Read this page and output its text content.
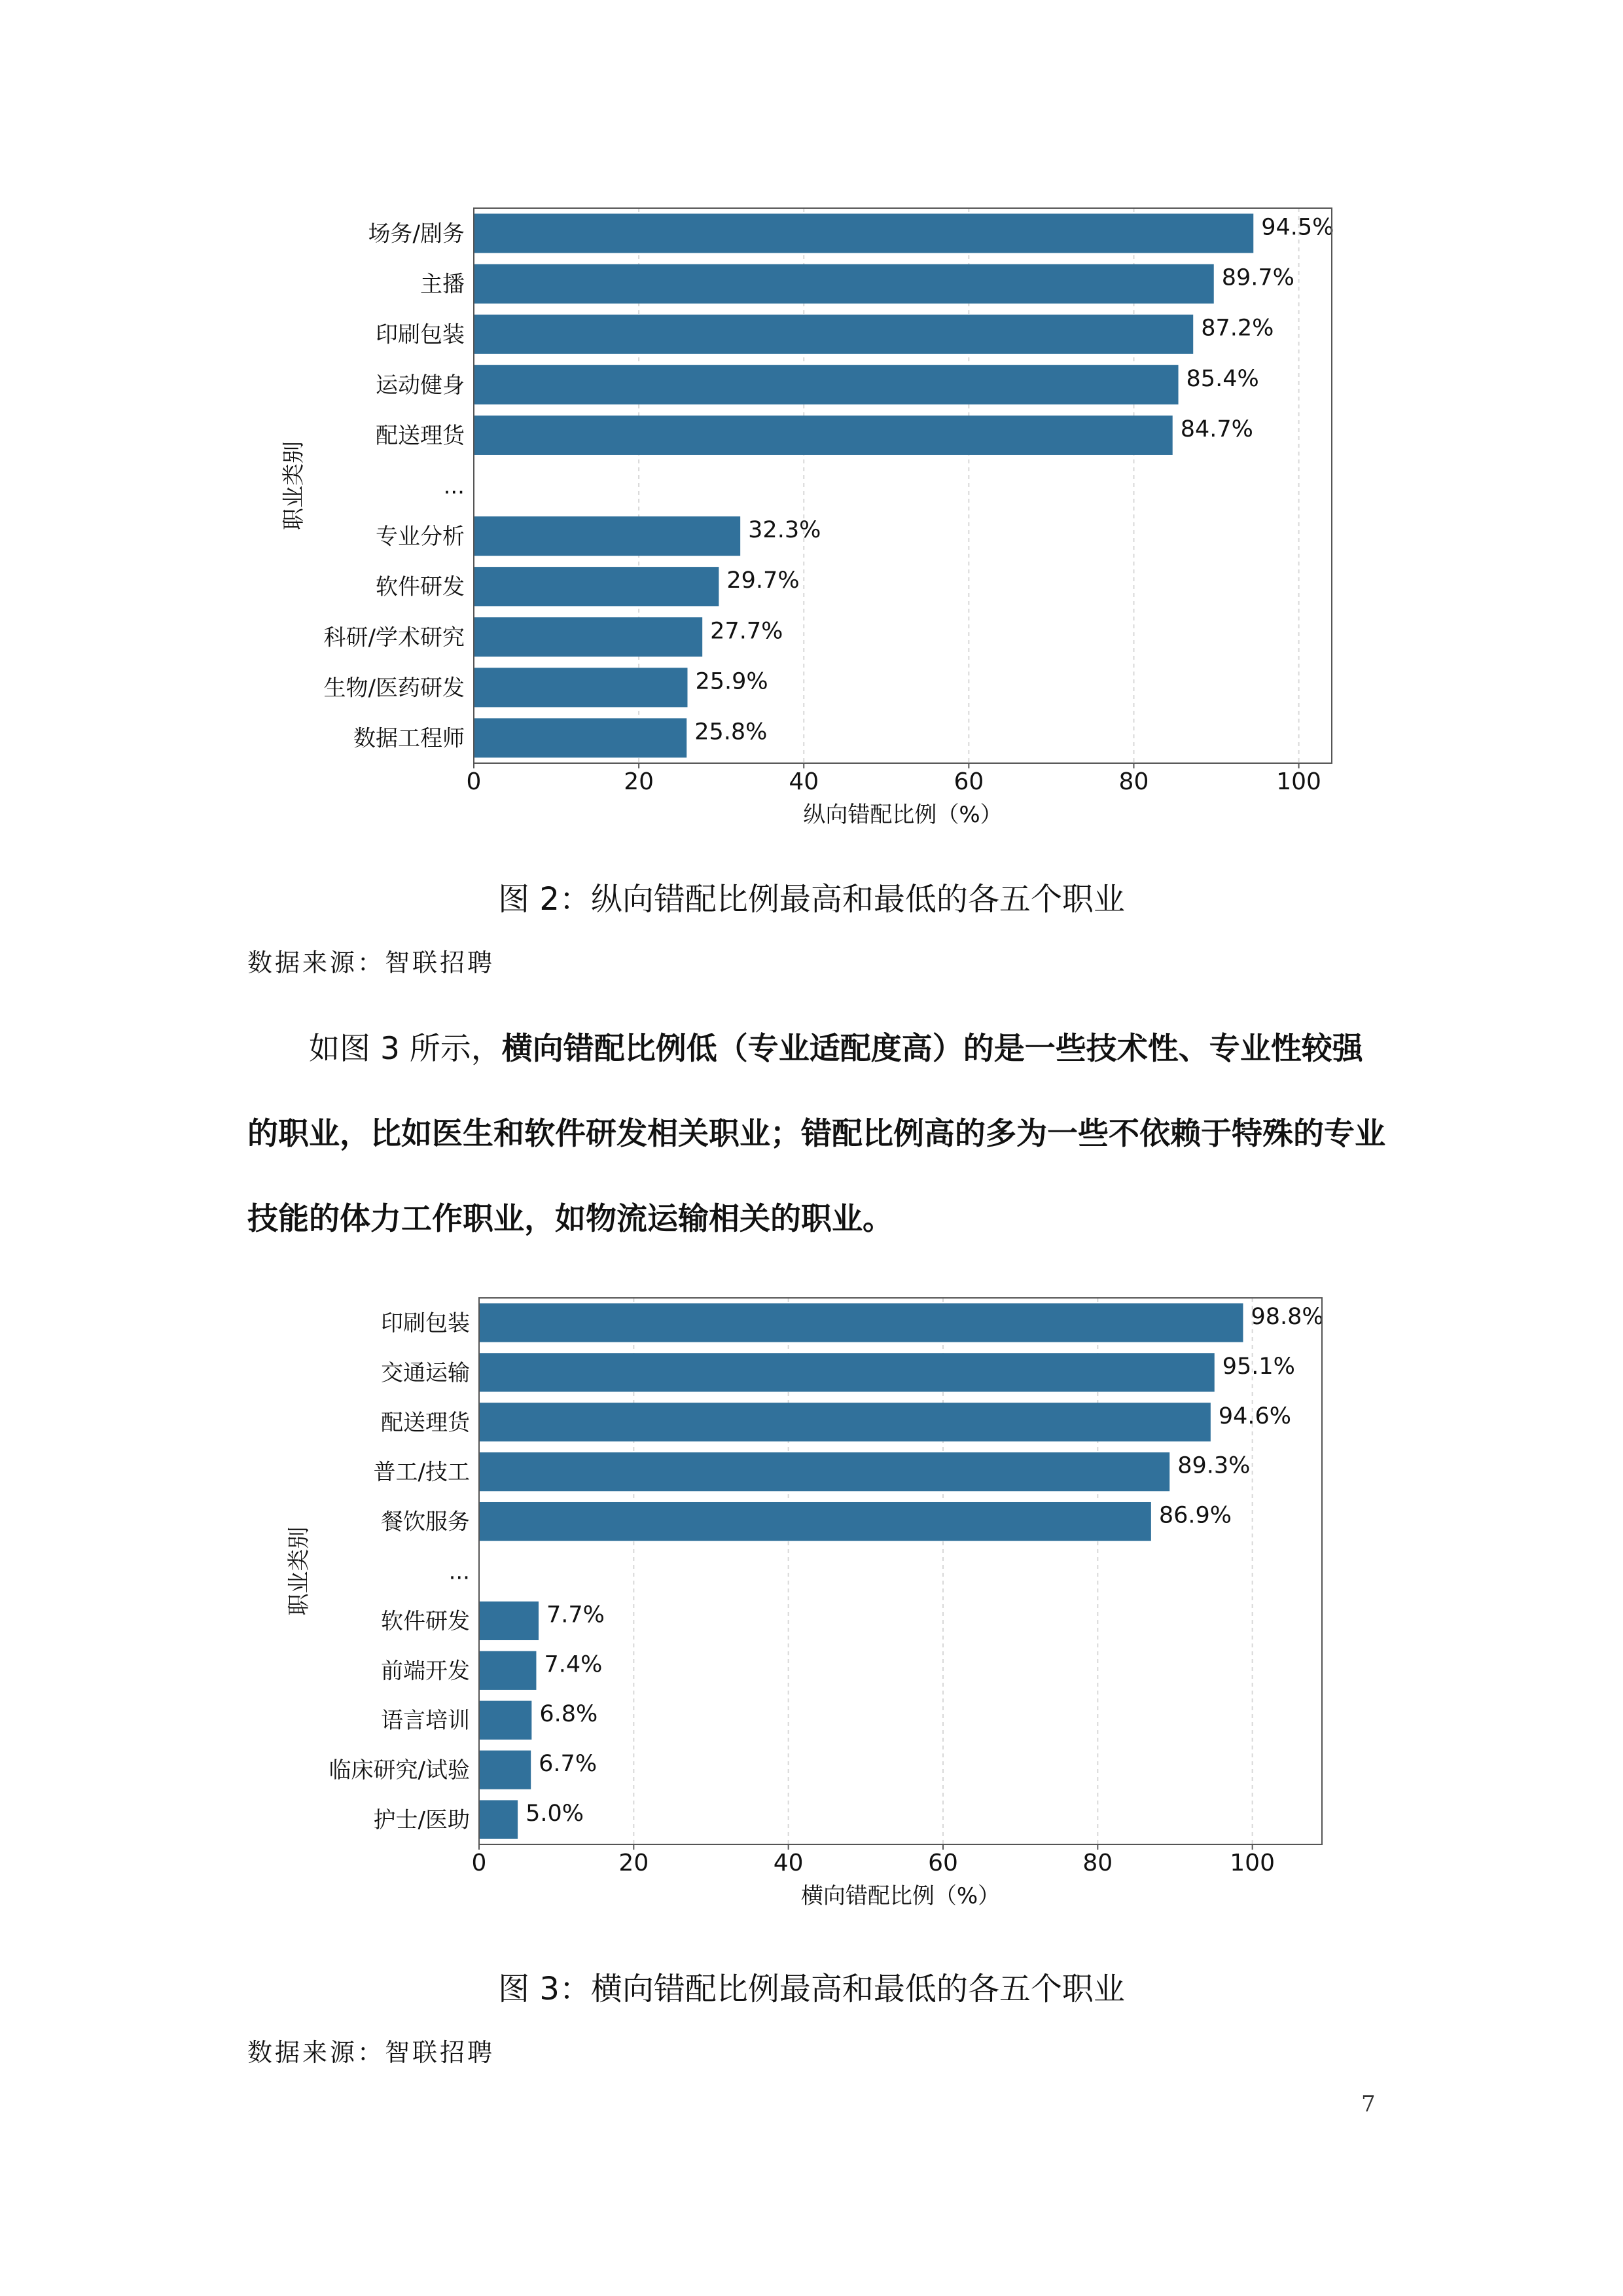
场务/剧务	94.5%
主播	89.7%
印刷包装	87.2%
运动健身	85.4%
配送理货	84.7%
...
专业分析	32.3%
软件研发	29.7%
科研/学术研究	27.7%
生物/医药研发	25.9%
数据工程师	25.8%
0	20	40	60	80	100
纵向错配比例（%）
职业类别
图 2：纵向错配比例最高和最低的各五个职业
数据来源：智联招聘
如图 3 所示，横向错配比例低（专业适配度高）的是一些技术性、专业性较强的职业，比如医生和软件研发相关职业；错配比例高的多为一些不依赖于特殊的专业技能的体力工作职业，如物流运输相关的职业。
印刷包装	98.8%
交通运输	95.1%
配送理货	94.6%
普工/技工	89.3%
餐饮服务	86.9%
...
软件研发	7.7%
前端开发	7.4%
语言培训	6.8%
临床研究/试验	6.7%
护士/医助 5.0%
0	20	40	60	80	100
横向错配比例（%）
职业类别
图 3：横向错配比例最高和最低的各五个职业
数据来源：智联招聘
7
